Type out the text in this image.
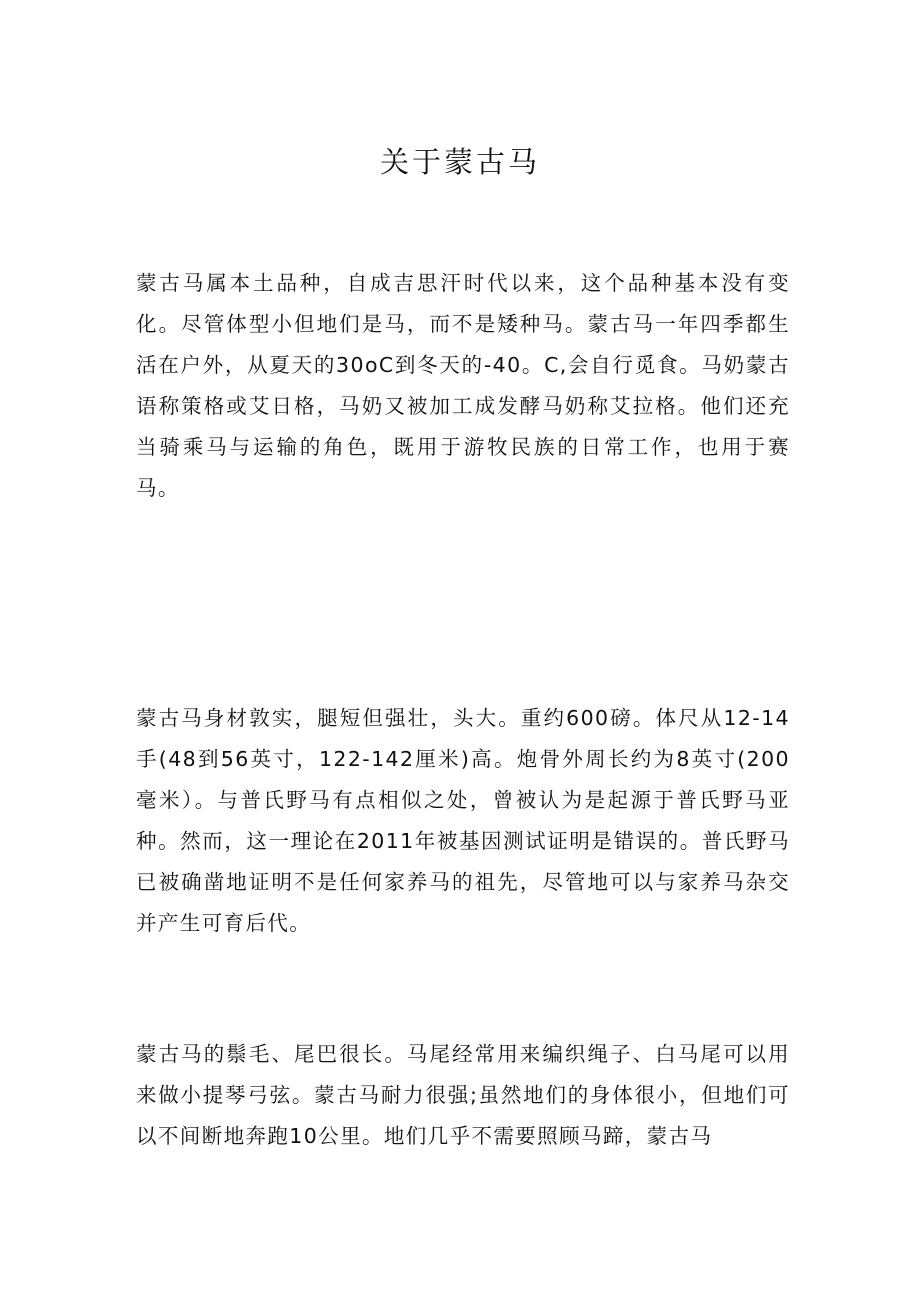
关于蒙古马

蒙古马属本土品种，自成吉思汗时代以来，这个品种基本没有变化。尽管体型小但地们是马，而不是矮种马。蒙古马一年四季都生活在户外，从夏天的30oC到冬天的-40。C,会自行觅食。马奶蒙古语称策格或艾日格，马奶又被加工成发酵马奶称艾拉格。他们还充当骑乘马与运输的角色，既用于游牧民族的日常工作，也用于赛马。

蒙古马身材敦实，腿短但强壮，头大。重约600磅。体尺从12-14手(48到56英寸，122-142厘米)高。炮骨外周长约为8英寸(200毫米）。与普氏野马有点相似之处，曾被认为是起源于普氏野马亚种。然而，这一理论在2011年被基因测试证明是错误的。普氏野马已被确凿地证明不是任何家养马的祖先，尽管地可以与家养马杂交并产生可育后代。

蒙古马的鬃毛、尾巴很长。马尾经常用来编织绳子、白马尾可以用来做小提琴弓弦。蒙古马耐力很强;虽然地们的身体很小，但地们可以不间断地奔跑10公里。地们几乎不需要照顾马蹄，蒙古马
